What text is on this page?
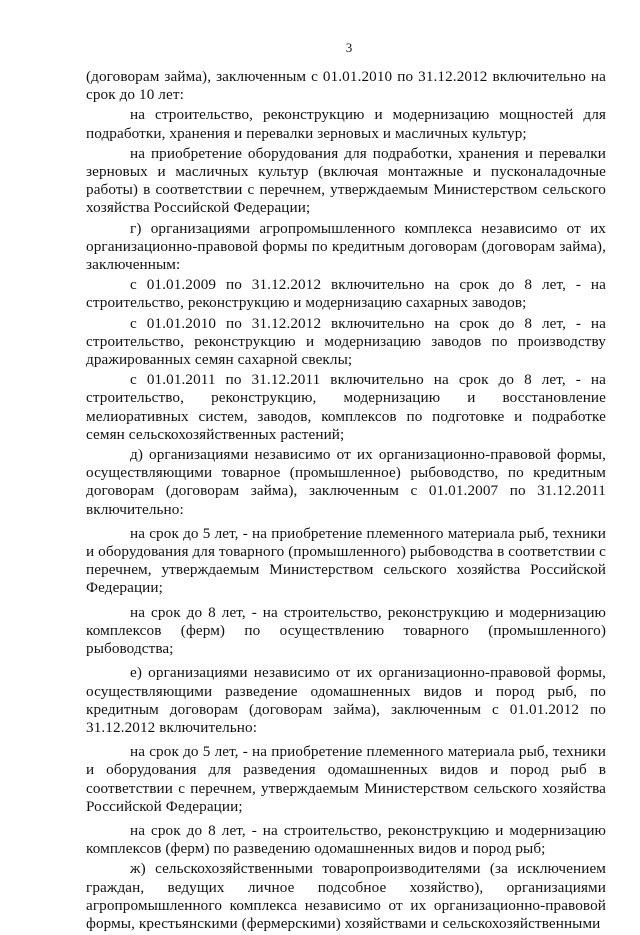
3

(договорам займа), заключенным с 01.01.2010 по 31.12.2012 включительно на срок до 10 лет:

на строительство, реконструкцию и модернизацию мощностей для подработки, хранения и перевалки зерновых и масличных культур;

на приобретение оборудования для подработки, хранения и перевалки зерновых и масличных культур (включая монтажные и пусконаладочные работы) в соответствии с перечнем, утверждаемым Министерством сельского хозяйства Российской Федерации;

г) организациями агропромышленного комплекса независимо от их организационно-правовой формы по кредитным договорам (договорам займа), заключенным:

с 01.01.2009 по 31.12.2012 включительно на срок до 8 лет, - на строительство, реконструкцию и модернизацию сахарных заводов;

с 01.01.2010 по 31.12.2012 включительно на срок до 8 лет, - на строительство, реконструкцию и модернизацию заводов по производству дражированных семян сахарной свеклы;

с 01.01.2011 по 31.12.2011 включительно на срок до 8 лет, - на строительство, реконструкцию, модернизацию и восстановление мелиоративных систем, заводов, комплексов по подготовке и подработке семян сельскохозяйственных растений;

д) организациями независимо от их организационно-правовой формы, осуществляющими товарное (промышленное) рыбоводство, по кредитным договорам (договорам займа), заключенным с 01.01.2007 по 31.12.2011 включительно:

на срок до 5 лет, - на приобретение племенного материала рыб, техники и оборудования для товарного (промышленного) рыбоводства в соответствии с перечнем, утверждаемым Министерством сельского хозяйства Российской Федерации;

на срок до 8 лет, - на строительство, реконструкцию и модернизацию комплексов (ферм) по осуществлению товарного (промышленного) рыбоводства;

е) организациями независимо от их организационно-правовой формы, осуществляющими разведение одомашненных видов и пород рыб, по кредитным договорам (договорам займа), заключенным с 01.01.2012 по 31.12.2012 включительно:

на срок до 5 лет, - на приобретение племенного материала рыб, техники и оборудования для разведения одомашненных видов и пород рыб в соответствии с перечнем, утверждаемым Министерством сельского хозяйства Российской Федерации;

на срок до 8 лет, - на строительство, реконструкцию и модернизацию комплексов (ферм) по разведению одомашненных видов и пород рыб;

ж) сельскохозяйственными товаропроизводителями (за исключением граждан, ведущих личное подсобное хозяйство), организациями агропромышленного комплекса независимо от их организационно-правовой формы, крестьянскими (фермерскими) хозяйствами и сельскохозяйственными
